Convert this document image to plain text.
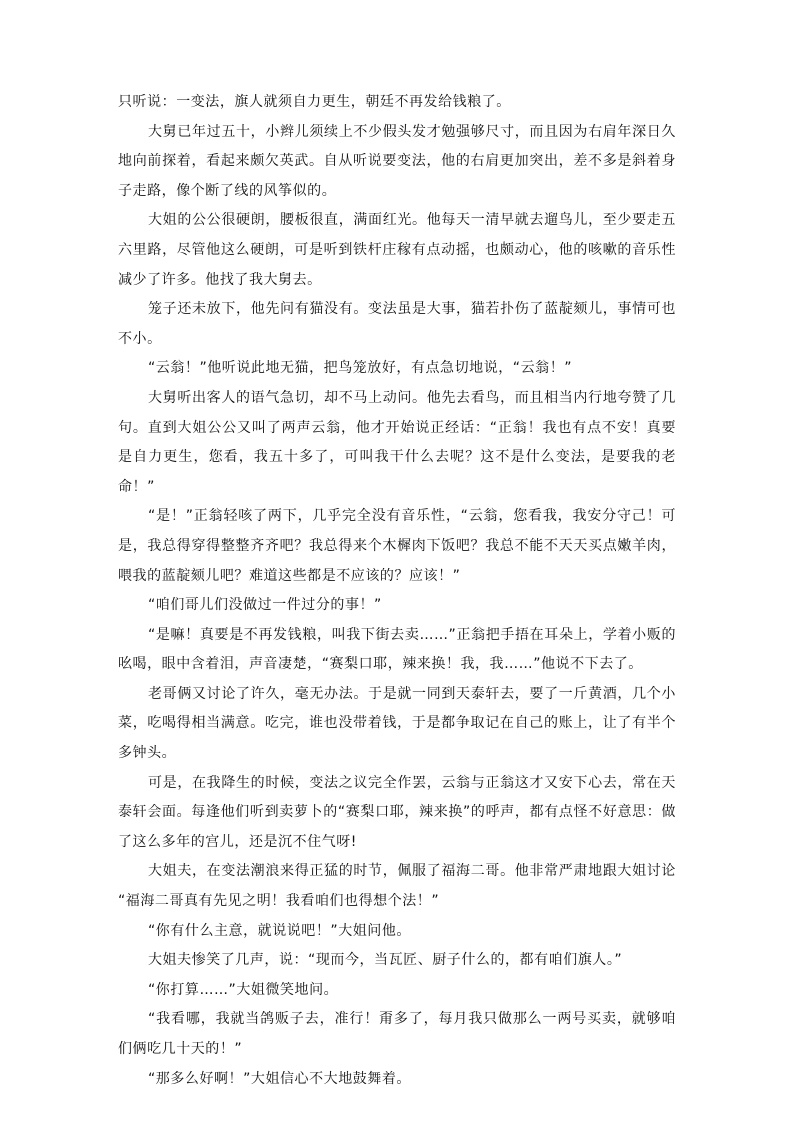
只听说：一变法，旗人就须自力更生，朝廷不再发给钱粮了。

大舅已年过五十，小辫儿须续上不少假头发才勉强够尺寸，而且因为右肩年深日久地向前探着，看起来颇欠英武。自从听说要变法，他的右肩更加突出，差不多是斜着身子走路，像个断了线的风筝似的。

大姐的公公很硬朗，腰板很直，满面红光。他每天一清早就去遛鸟儿，至少要走五六里路，尽管他这么硬朗，可是听到铁杆庄稼有点动摇，也颇动心，他的咳嗽的音乐性减少了许多。他找了我大舅去。

笼子还未放下，他先问有猫没有。变法虽是大事，猫若扑伤了蓝靛颏儿，事情可也不小。

“云翁！”他听说此地无猫，把鸟笼放好，有点急切地说，“云翁！”

大舅听出客人的语气急切，却不马上动问。他先去看鸟，而且相当内行地夸赞了几句。直到大姐公公又叫了两声云翁，他才开始说正经话：“正翁！我也有点不安！真要是自力更生，您看，我五十多了，可叫我干什么去呢？这不是什么变法，是要我的老命！”

“是！”正翁轻咳了两下，几乎完全没有音乐性，“云翁，您看我，我安分守己！可是，我总得穿得整整齐齐吧？我总得来个木樨肉下饭吧？我总不能不天天买点嫩羊肉，喂我的蓝靛颏儿吧？难道这些都是不应该的？应该！”

“咱们哥儿们没做过一件过分的事！”

“是嘛！真要是不再发钱粮，叫我下街去卖……”正翁把手捂在耳朵上，学着小贩的吆喝，眼中含着泪，声音凄楚，“赛梨口耶，辣来换！我，我……”他说不下去了。

老哥俩又讨论了许久，毫无办法。于是就一同到天泰轩去，要了一斤黄酒，几个小菜，吃喝得相当满意。吃完，谁也没带着钱，于是都争取记在自己的账上，让了有半个多钟头。

可是，在我降生的时候，变法之议完全作罢，云翁与正翁这才又安下心去，常在天泰轩会面。每逢他们听到卖萝卜的“赛梨口耶，辣来换”的呼声，都有点怪不好意思：做了这么多年的宫儿，还是沉不住气呀!

大姐夫，在变法潮浪来得正猛的时节，佩服了福海二哥。他非常严肃地跟大姐讨论 “福海二哥真有先见之明！我看咱们也得想个法！”

“你有什么主意，就说说吧！”大姐问他。

大姐夫惨笑了几声，说：“现而今，当瓦匠、厨子什么的，都有咱们旗人。”

“你打算……”大姐微笑地问。

“我看哪，我就当鸽贩子去，准行！甭多了，每月我只做那么一两号买卖，就够咱们俩吃几十天的！”

“那多么好啊！”大姐信心不大地鼓舞着。
